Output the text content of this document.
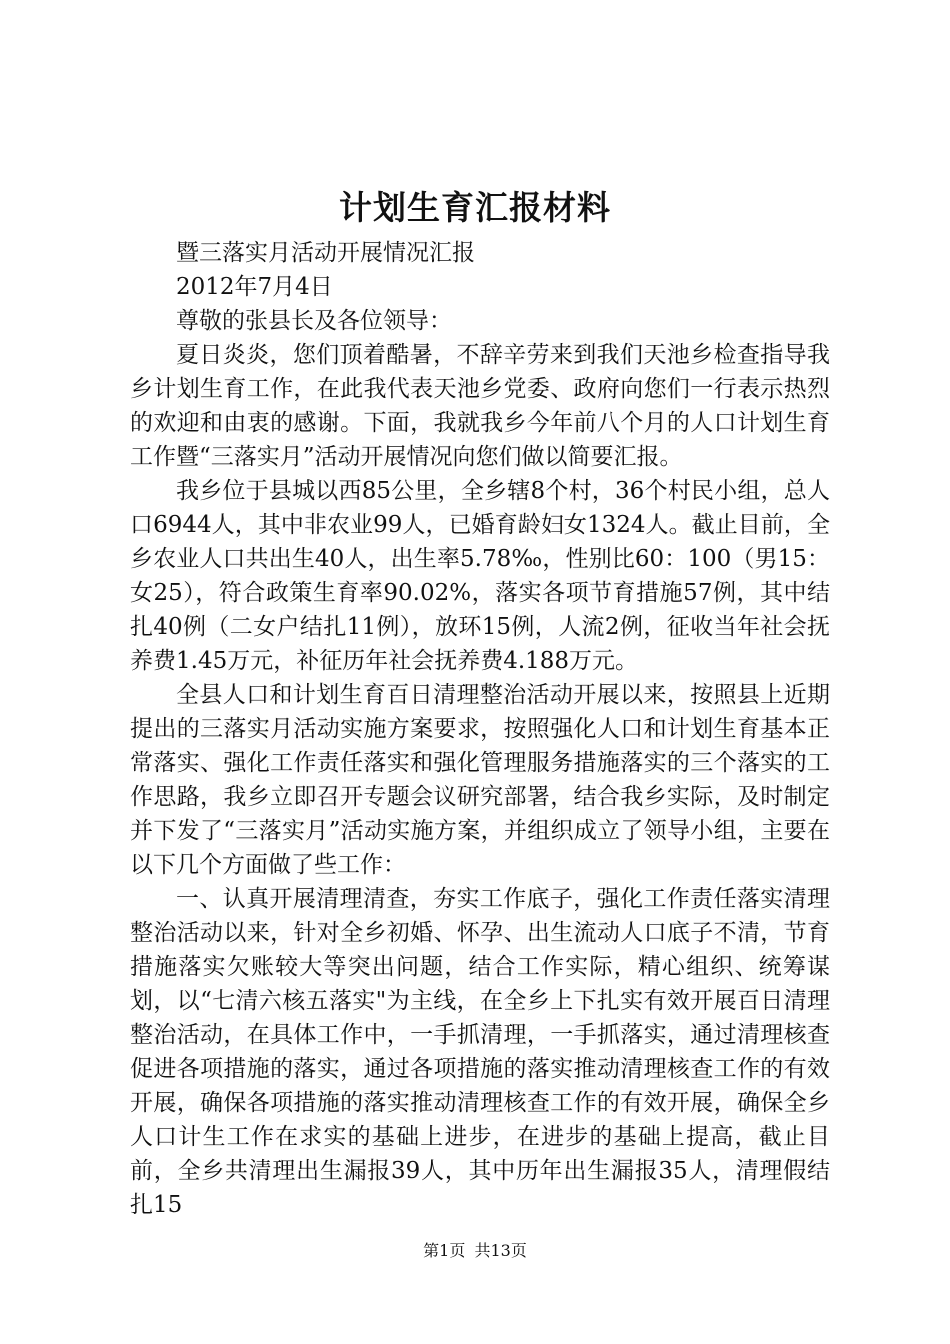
计划生育汇报材料

暨三落实月活动开展情况汇报

2012年7月4日

尊敬的张县长及各位领导：

夏日炎炎，您们顶着酷暑，不辞辛劳来到我们天池乡检查指导我乡计划生育工作，在此我代表天池乡党委、政府向您们一行表示热烈的欢迎和由衷的感谢。下面，我就我乡今年前八个月的人口计划生育工作暨“三落实月”活动开展情况向您们做以简要汇报。

我乡位于县城以西85公里，全乡辖8个村，36个村民小组，总人口6944人，其中非农业99人，已婚育龄妇女1324人。截止目前，全乡农业人口共出生40人，出生率5.78‰，性别比60：100（男15：女25），符合政策生育率90.02%，落实各项节育措施57例，其中结扎40例（二女户结扎11例），放环15例，人流2例，征收当年社会抚养费1.45万元，补征历年社会抚养费4.188万元。

全县人口和计划生育百日清理整治活动开展以来，按照县上近期提出的三落实月活动实施方案要求，按照强化人口和计划生育基本正常落实、强化工作责任落实和强化管理服务措施落实的三个落实的工作思路，我乡立即召开专题会议研究部署，结合我乡实际，及时制定并下发了“三落实月”活动实施方案，并组织成立了领导小组，主要在以下几个方面做了些工作：

一、认真开展清理清查，夯实工作底子，强化工作责任落实清理整治活动以来，针对全乡初婚、怀孕、出生流动人口底子不清，节育措施落实欠账较大等突出问题，结合工作实际，精心组织、统筹谋划，以“七清六核五落实"为主线，在全乡上下扎实有效开展百日清理整治活动，在具体工作中，一手抓清理，一手抓落实，通过清理核查促进各项措施的落实，通过各项措施的落实推动清理核查工作的有效开展，确保各项措施的落实推动清理核查工作的有效开展，确保全乡人口计生工作在求实的基础上进步，在进步的基础上提高，截止目前，全乡共清理出生漏报39人，其中历年出生漏报35人，清理假结扎15

第1页 共13页
